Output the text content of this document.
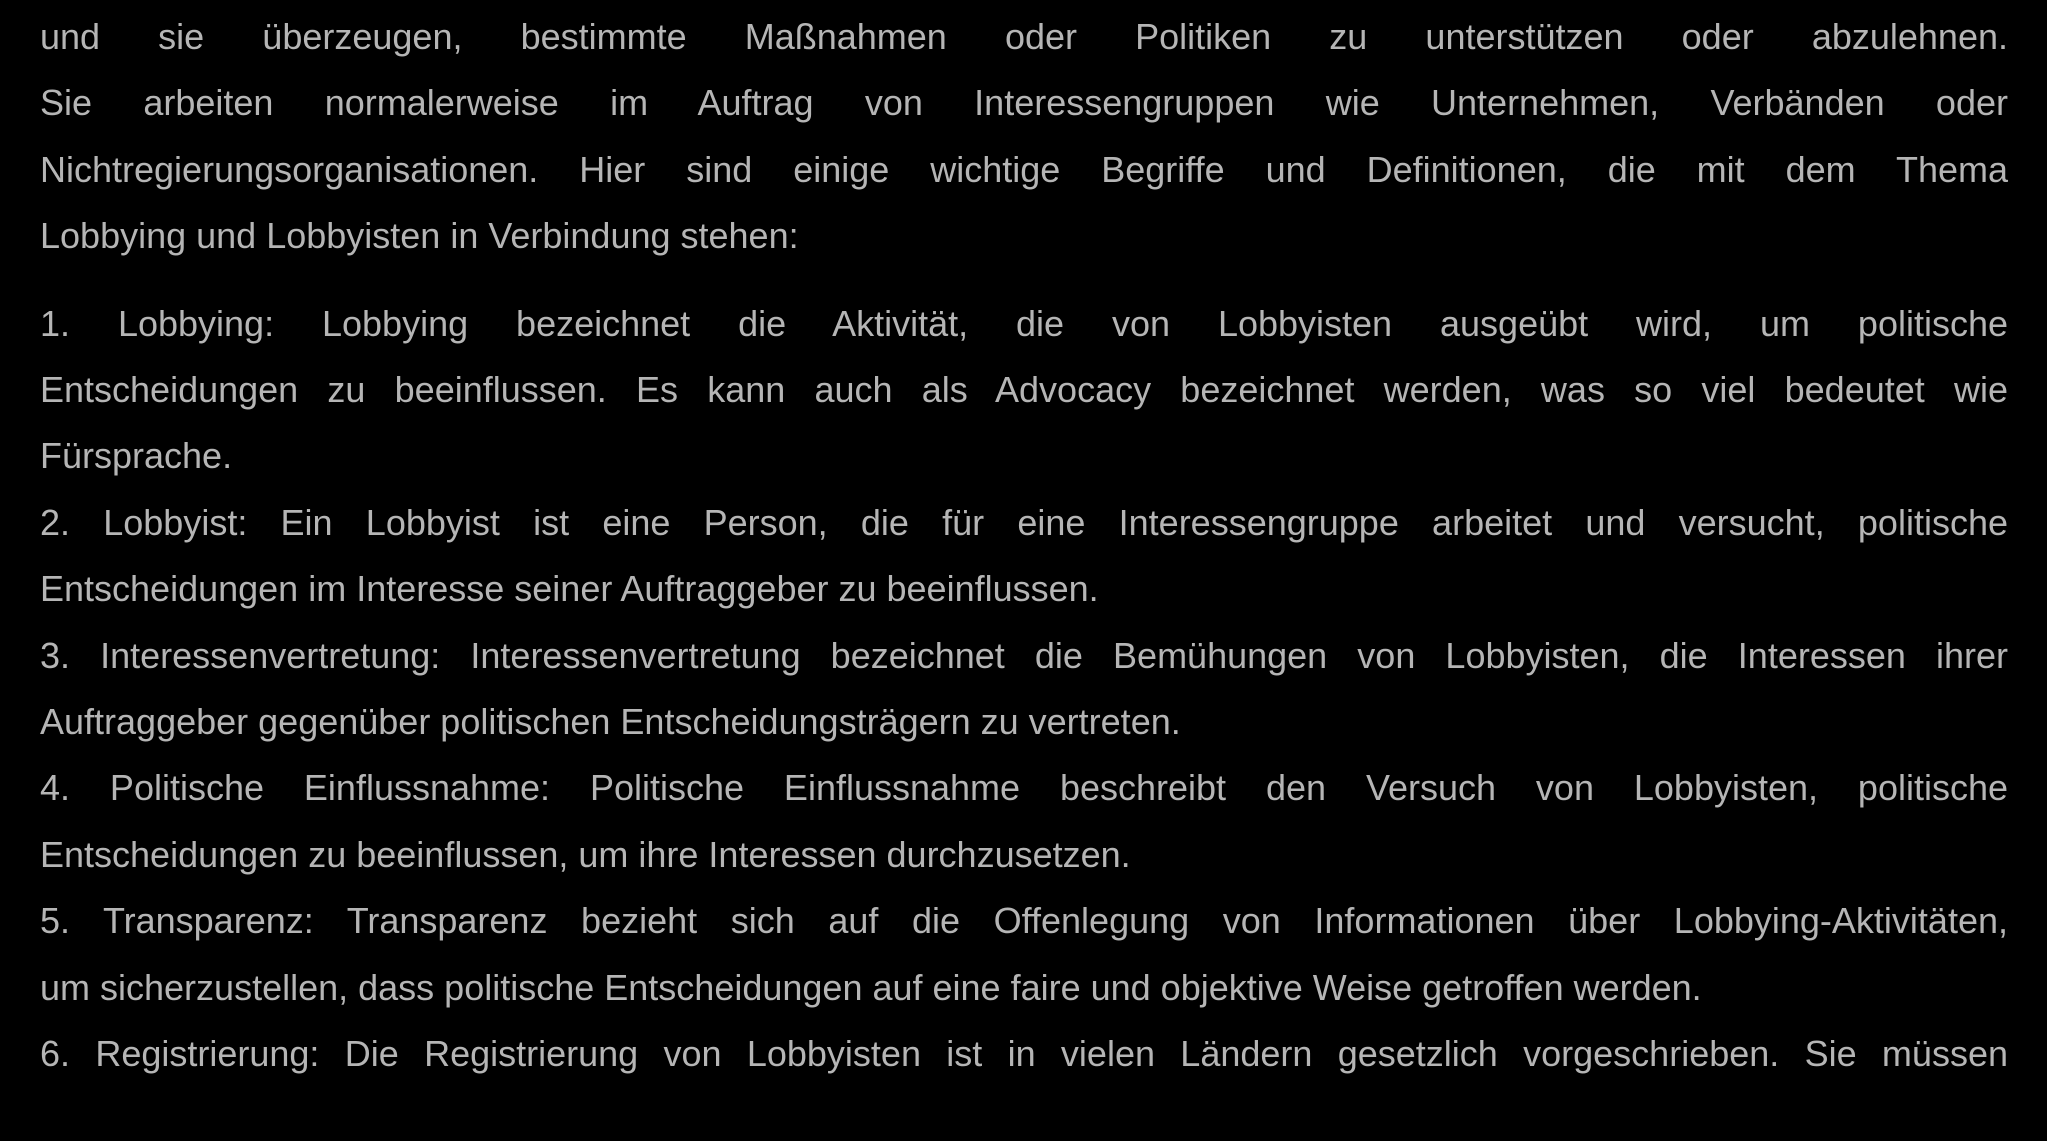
und sie überzeugen, bestimmte Maßnahmen oder Politiken zu unterstützen oder abzulehnen.
Sie arbeiten normalerweise im Auftrag von Interessengruppen wie Unternehmen, Verbänden oder
Nichtregierungsorganisationen. Hier sind einige wichtige Begriffe und Definitionen, die mit dem Thema
Lobbying und Lobbyisten in Verbindung stehen:
1. Lobbying: Lobbying bezeichnet die Aktivität, die von Lobbyisten ausgeübt wird, um politische
Entscheidungen zu beeinflussen. Es kann auch als Advocacy bezeichnet werden, was so viel bedeutet wie
Fürsprache.
2. Lobbyist: Ein Lobbyist ist eine Person, die für eine Interessengruppe arbeitet und versucht, politische
Entscheidungen im Interesse seiner Auftraggeber zu beeinflussen.
3. Interessenvertretung: Interessenvertretung bezeichnet die Bemühungen von Lobbyisten, die Interessen ihrer
Auftraggeber gegenüber politischen Entscheidungsträgern zu vertreten.
4. Politische Einflussnahme: Politische Einflussnahme beschreibt den Versuch von Lobbyisten, politische
Entscheidungen zu beeinflussen, um ihre Interessen durchzusetzen.
5. Transparenz: Transparenz bezieht sich auf die Offenlegung von Informationen über Lobbying-Aktivitäten,
um sicherzustellen, dass politische Entscheidungen auf eine faire und objektive Weise getroffen werden.
6. Registrierung: Die Registrierung von Lobbyisten ist in vielen Ländern gesetzlich vorgeschrieben. Sie müssen
